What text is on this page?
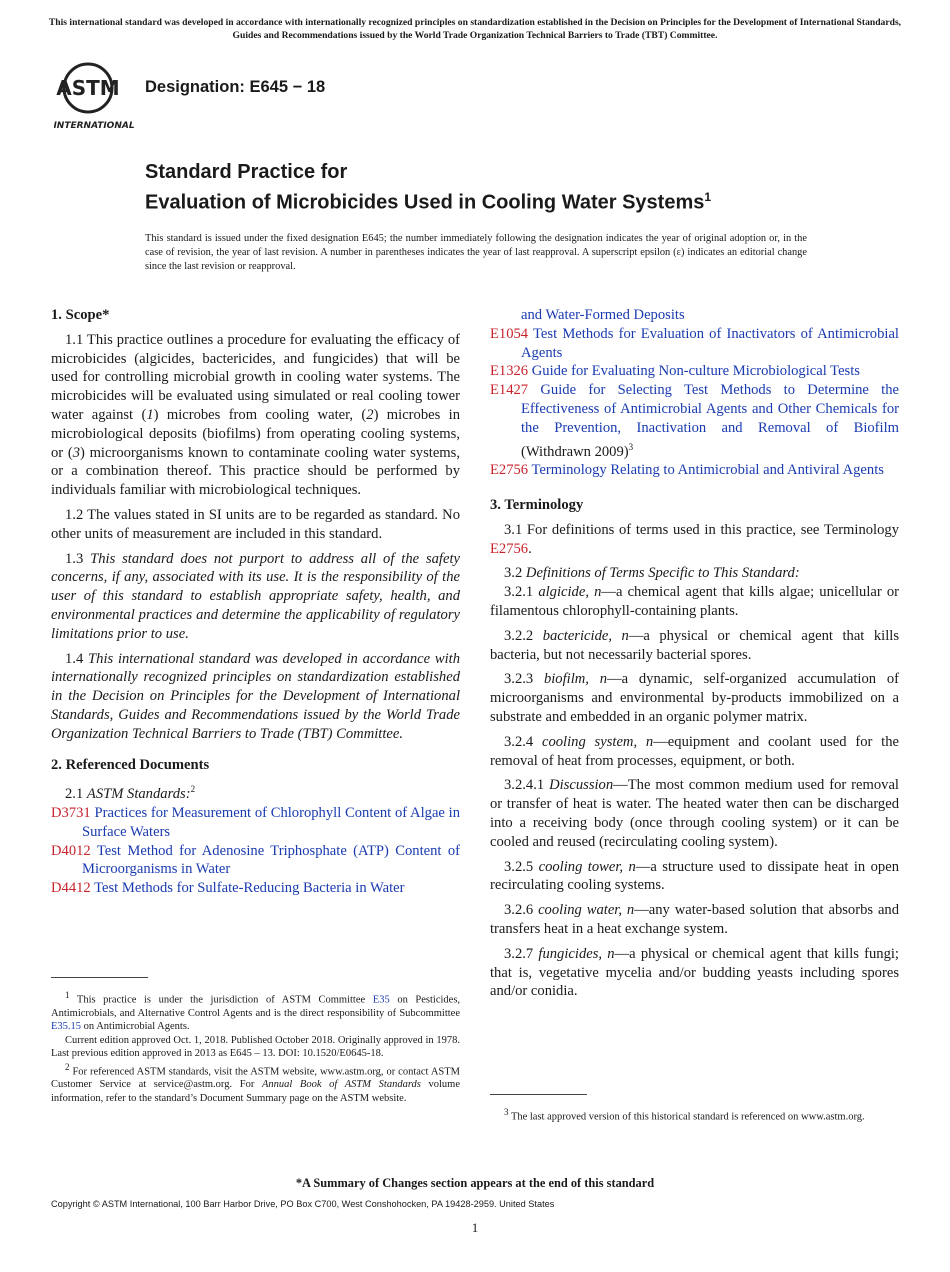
This international standard was developed in accordance with internationally recognized principles on standardization established in the Decision on Principles for the Development of International Standards, Guides and Recommendations issued by the World Trade Organization Technical Barriers to Trade (TBT) Committee.
ASTM
INTERNATIONAL
Designation: E645 − 18
Standard Practice for
Evaluation of Microbicides Used in Cooling Water Systems$^1$
This standard is issued under the fixed designation E645; the number immediately following the designation indicates the year of original adoption or, in the case of revision, the year of last revision. A number in parentheses indicates the year of last reapproval. A superscript epsilon (ε) indicates an editorial change since the last revision or reapproval.
1. Scope*

1.1 This practice outlines a procedure for evaluating the efficacy of microbicides (algicides, bactericides, and fungicides) that will be used for controlling microbial growth in cooling water systems. The microbicides will be evaluated using simulated or real cooling tower water against (1) microbes from cooling water, (2) microbes in microbiological deposits (biofilms) from operating cooling systems, or (3) microorganisms known to contaminate cooling water systems, or a combination thereof. This practice should be performed by individuals familiar with microbiological techniques.

1.2 The values stated in SI units are to be regarded as standard. No other units of measurement are included in this standard.

1.3 This standard does not purport to address all of the safety concerns, if any, associated with its use. It is the responsibility of the user of this standard to establish appropriate safety, health, and environmental practices and determine the applicability of regulatory limitations prior to use.

1.4 This international standard was developed in accordance with internationally recognized principles on standardization established in the Decision on Principles for the Development of International Standards, Guides and Recommendations issued by the World Trade Organization Technical Barriers to Trade (TBT) Committee.

2. Referenced Documents

2.1 ASTM Standards:$^2$

D3731 Practices for Measurement of Chlorophyll Content of Algae in Surface Waters

D4012 Test Method for Adenosine Triphosphate (ATP) Content of Microorganisms in Water

D4412 Test Methods for Sulfate-Reducing Bacteria in Water

$^1$ This practice is under the jurisdiction of ASTM Committee E35 on Pesticides, Antimicrobials, and Alternative Control Agents and is the direct responsibility of Subcommittee E35.15 on Antimicrobial Agents.

Current edition approved Oct. 1, 2018. Published October 2018. Originally approved in 1978. Last previous edition approved in 2013 as E645 – 13. DOI: 10.1520/E0645-18.

$^2$ For referenced ASTM standards, visit the ASTM website, www.astm.org, or contact ASTM Customer Service at service@astm.org. For Annual Book of ASTM Standards volume information, refer to the standard’s Document Summary page on the ASTM website.

and Water-Formed Deposits

E1054 Test Methods for Evaluation of Inactivators of Antimicrobial Agents

E1326 Guide for Evaluating Non-culture Microbiological Tests

E1427 Guide for Selecting Test Methods to Determine the Effectiveness of Antimicrobial Agents and Other Chemicals for the Prevention, Inactivation and Removal of Biofilm (Withdrawn 2009)$^3$

E2756 Terminology Relating to Antimicrobial and Antiviral Agents

3. Terminology

3.1 For definitions of terms used in this practice, see Terminology E2756.

3.2 Definitions of Terms Specific to This Standard:

3.2.1 algicide, n—a chemical agent that kills algae; unicellular or filamentous chlorophyll-containing plants.

3.2.2 bactericide, n—a physical or chemical agent that kills bacteria, but not necessarily bacterial spores.

3.2.3 biofilm, n—a dynamic, self-organized accumulation of microorganisms and environmental by-products immobilized on a substrate and embedded in an organic polymer matrix.

3.2.4 cooling system, n—equipment and coolant used for the removal of heat from processes, equipment, or both.

3.2.4.1 Discussion—The most common medium used for removal or transfer of heat is water. The heated water then can be discharged into a receiving body (once through cooling system) or it can be cooled and reused (recirculating cooling system).

3.2.5 cooling tower, n—a structure used to dissipate heat in open recirculating cooling systems.

3.2.6 cooling water, n—any water-based solution that absorbs and transfers heat in a heat exchange system.

3.2.7 fungicides, n—a physical or chemical agent that kills fungi; that is, vegetative mycelia and/or budding yeasts including spores and/or conidia.

$^3$ The last approved version of this historical standard is referenced on www.astm.org.

*A Summary of Changes section appears at the end of this standard
Copyright © ASTM International, 100 Barr Harbor Drive, PO Box C700, West Conshohocken, PA 19428-2959. United States
1
